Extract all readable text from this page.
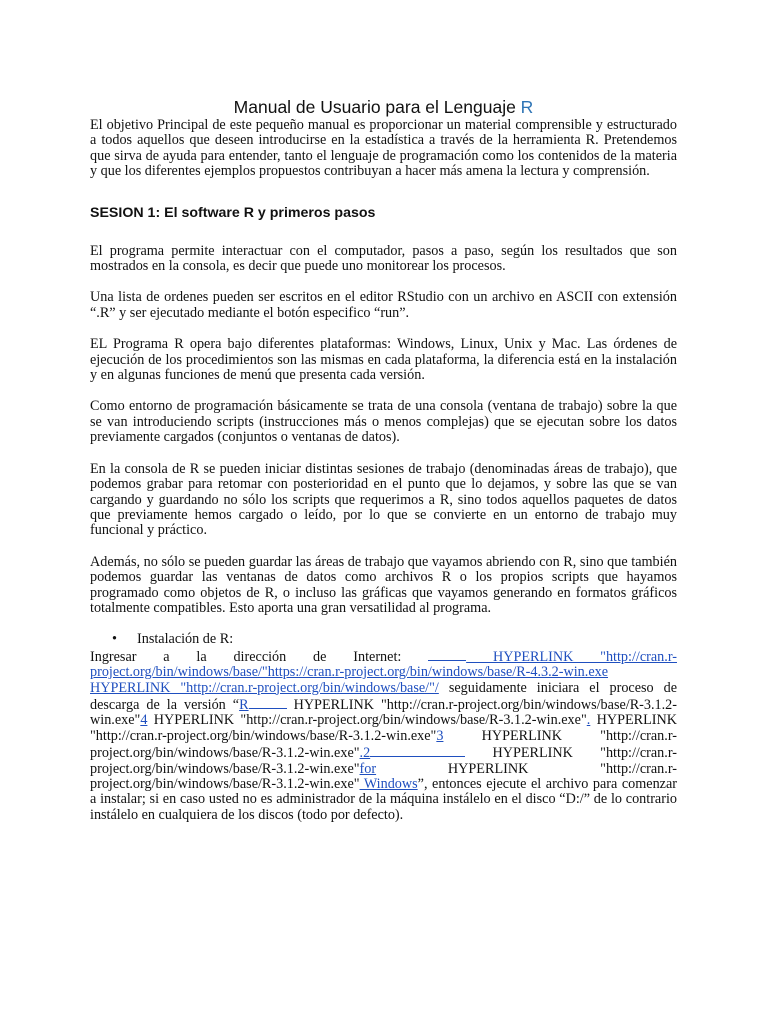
Manual de Usuario para el Lenguaje R

El objetivo Principal de este pequeño manual es proporcionar un material comprensible y estructurado a todos aquellos que deseen introducirse en la estadística a través de la herramienta R. Pretendemos que sirva de ayuda para entender, tanto el lenguaje de programación como los contenidos de la materia y que los diferentes ejemplos propuestos contribuyan a hacer más amena la lectura y comprensión.

SESION 1: El software R y primeros pasos

El programa permite interactuar con el computador, pasos a paso, según los resultados que son mostrados en la consola, es decir que puede uno monitorear los procesos.

Una lista de ordenes pueden ser escritos en el editor RStudio con un archivo en ASCII con extensión “.R” y ser ejecutado mediante el botón especifico “run”.

EL Programa R opera bajo diferentes plataformas: Windows, Linux, Unix y Mac. Las órdenes de ejecución de los procedimientos son las mismas en cada plataforma, la diferencia está en la instalación y en algunas funciones de menú que presenta cada versión.

Como entorno de programación básicamente se trata de una consola (ventana de trabajo) sobre la que se van introduciendo scripts (instrucciones más o menos complejas) que se ejecutan sobre los datos previamente cargados (conjuntos o ventanas de datos).

En la consola de R se pueden iniciar distintas sesiones de trabajo (denominadas áreas de trabajo), que podemos grabar para retomar con posterioridad en el punto que lo dejamos, y sobre las que se van cargando y guardando no sólo los scripts que requerimos a R, sino todos aquellos paquetes de datos que previamente hemos cargado o leído, por lo que se convierte en un entorno de trabajo muy funcional y práctico.

Además, no sólo se pueden guardar las áreas de trabajo que vayamos abriendo con R, sino que también podemos guardar las ventanas de datos como archivos R o los propios scripts que hayamos programado como objetos de R, o incluso las gráficas que vayamos generando en formatos gráficos totalmente compatibles. Esto aporta una gran versatilidad al programa.

• Instalación de R:

Ingresar a la dirección de Internet:	HYPERLINK "http://cran.r-project.org/bin/windows/base/"https://cran.r-project.org/bin/windows/base/R-4.3.2-win.exe HYPERLINK "http://cran.r-project.org/bin/windows/base/"/ seguidamente iniciara el proceso de descarga de la versión “R	HYPERLINK "http://cran.r-project.org/bin/windows/base/R-3.1.2-win.exe"4 HYPERLINK "http://cran.r-project.org/bin/windows/base/R-3.1.2-win.exe". HYPERLINK "http://cran.r-project.org/bin/windows/base/R-3.1.2-win.exe"3 HYPERLINK "http://cran.r-project.org/bin/windows/base/R-3.1.2-win.exe".2	HYPERLINK "http://cran.r-project.org/bin/windows/base/R-3.1.2-win.exe"for HYPERLINK "http://cran.r-project.org/bin/windows/base/R-3.1.2-win.exe" Windows”, entonces ejecute el archivo para comenzar a instalar; si en caso usted no es administrador de la máquina instálelo en el disco “D:/” de lo contrario instálelo en cualquiera de los discos (todo por defecto).
